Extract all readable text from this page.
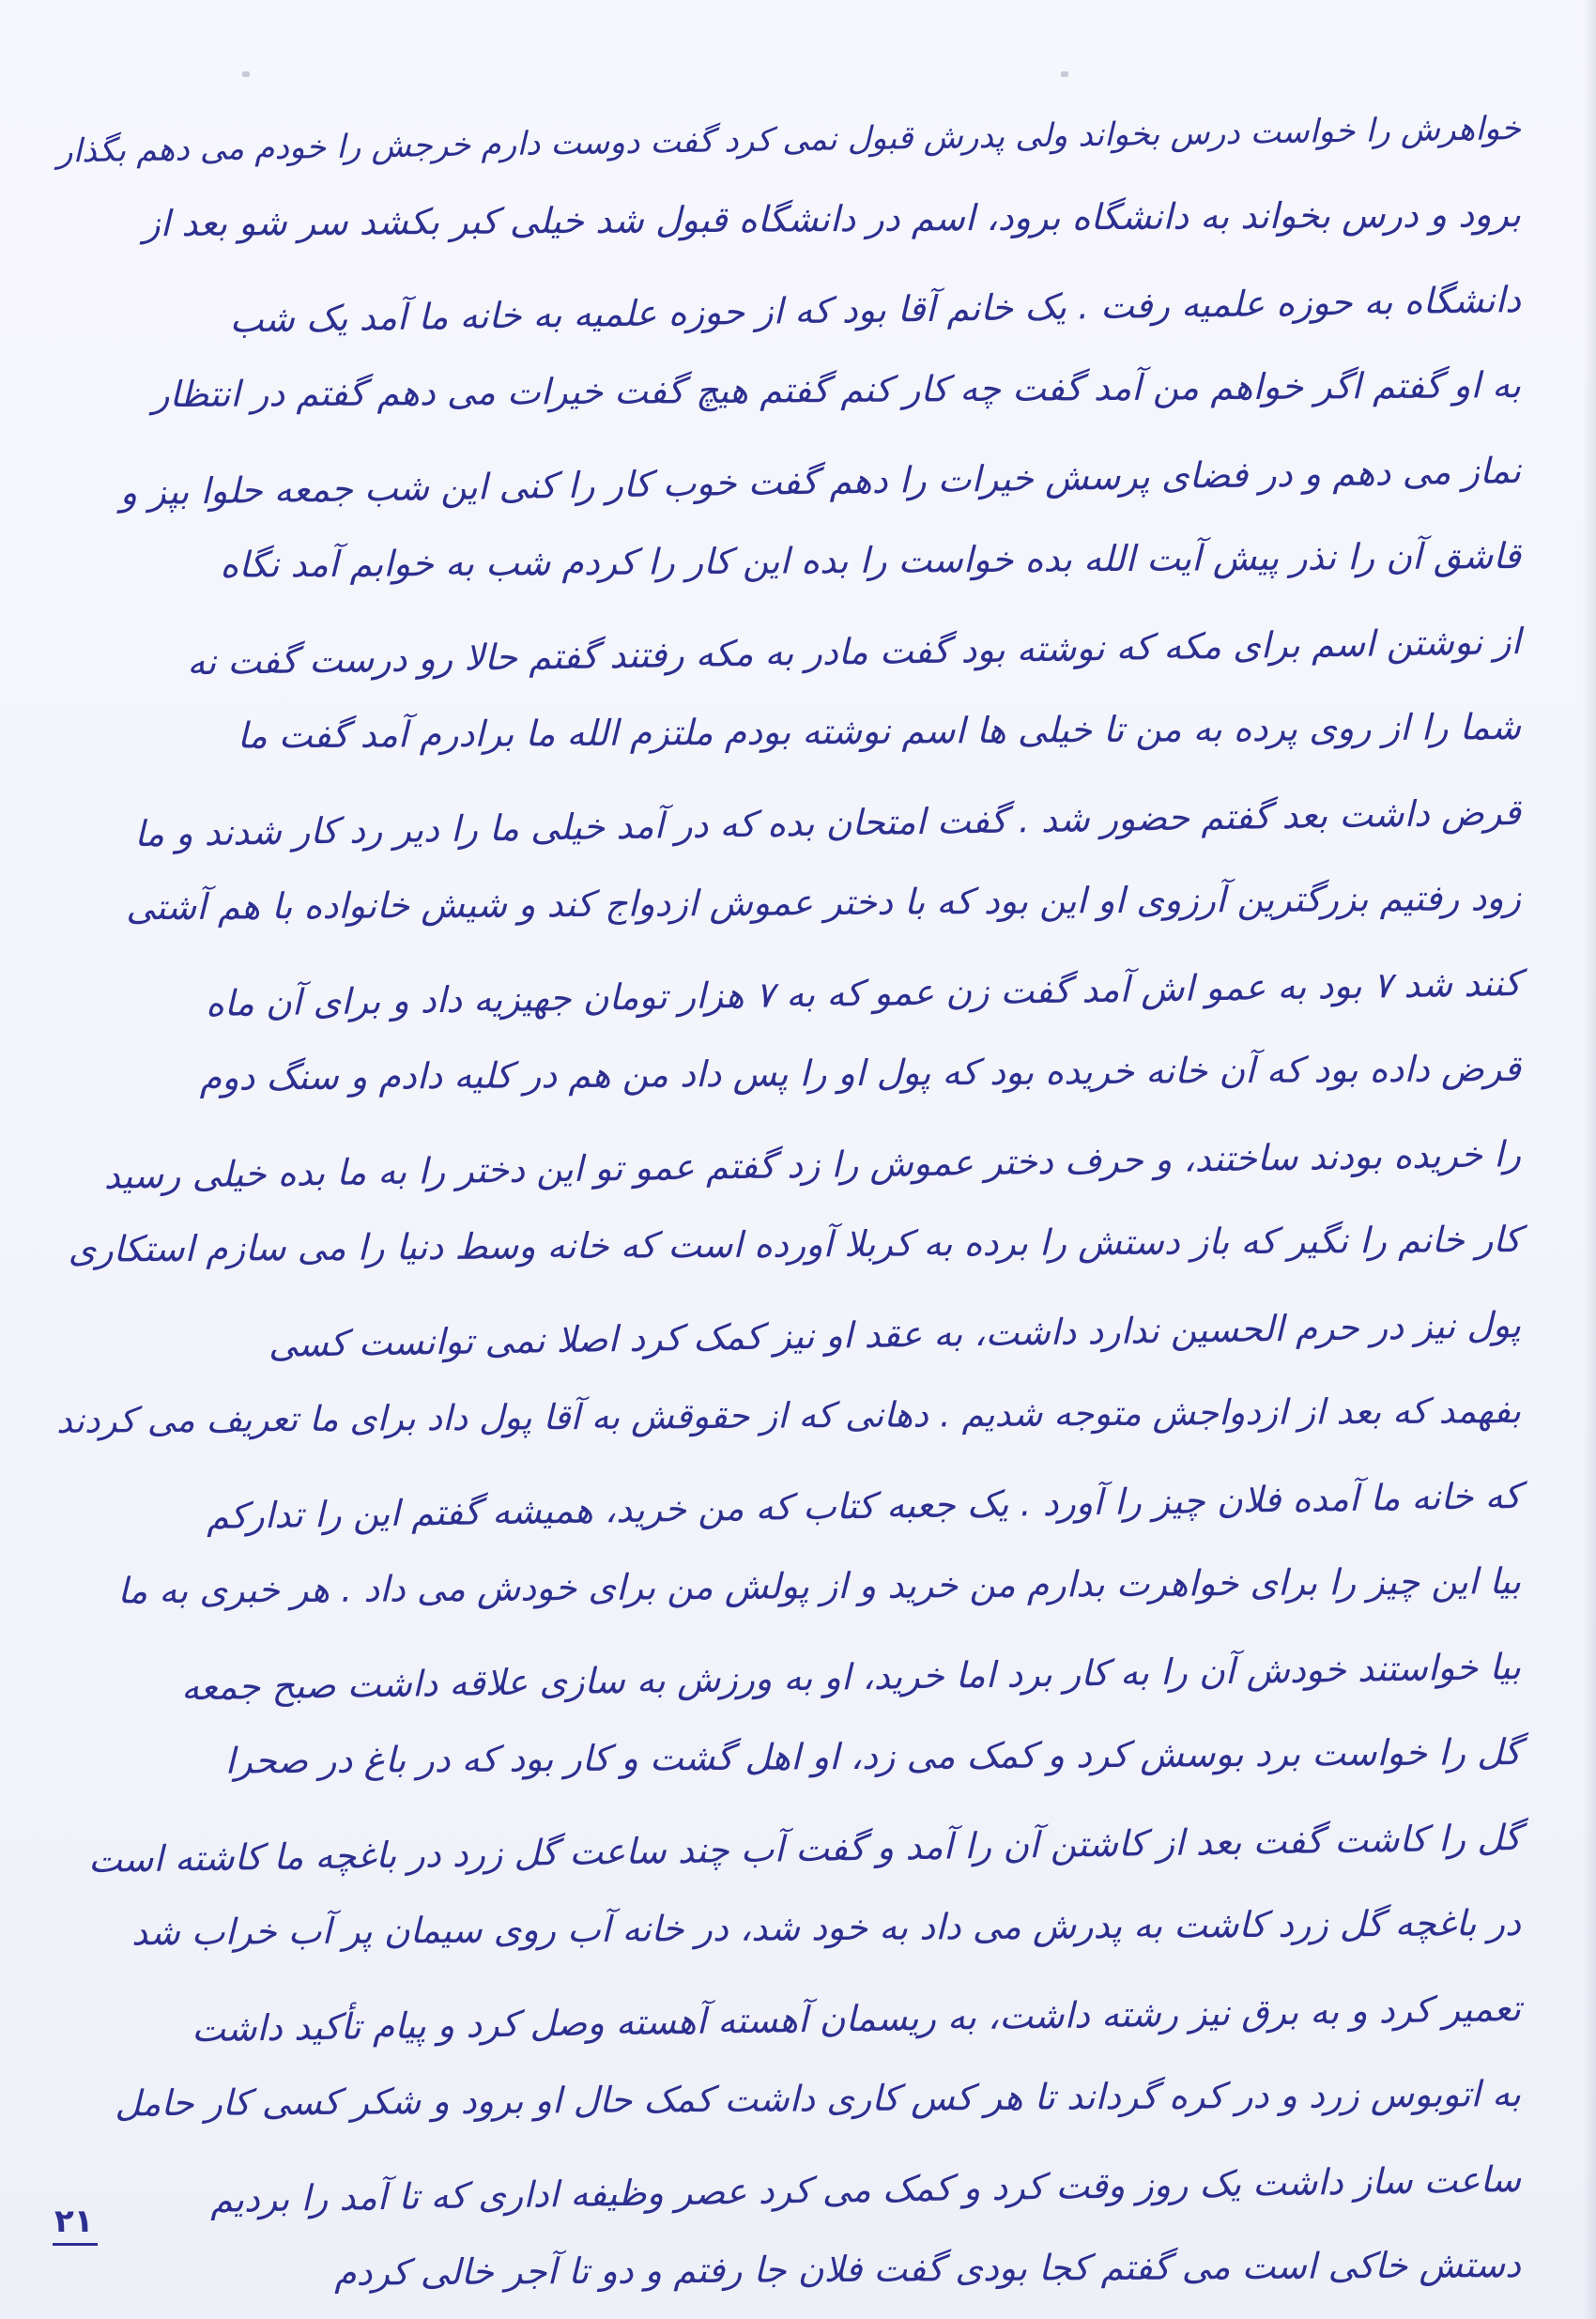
خواهرش را خواست درس بخواند ولی پدرش قبول نمی کرد گفت دوست دارم خرجش را خودم می دهم بگذار
برود و درس بخواند به دانشگاه برود، اسم در دانشگاه قبول شد خیلی کبر بکشد سر شو بعد از
دانشگاه به حوزه علمیه رفت . یک خانم آقا بود که از حوزه علمیه به خانه ما آمد یک شب
به او گفتم اگر خواهم من آمد گفت چه کار کنم گفتم هیچ گفت خیرات می دهم گفتم در انتظار
نماز می دهم و در فضای پرسش خیرات را دهم گفت خوب کار را کنی این شب جمعه حلوا بپز و
قاشق آن را نذر پیش آیت الله بده خواست را بده این کار را کردم شب به خوابم آمد نگاه
از نوشتن اسم برای مکه که نوشته بود گفت مادر به مکه رفتند گفتم حالا رو درست گفت نه
شما را از روی پرده به من تا خیلی ها اسم نوشته بودم ملتزم الله ما برادرم آمد گفت ما
قرض داشت بعد گفتم حضور شد . گفت امتحان بده که در آمد خیلی ما را دیر رد کار شدند و ما
زود رفتیم بزرگترین آرزوی او این بود که با دختر عموش ازدواج کند و شیش خانواده با هم آشتی
کنند شد ۷ بود به عمو اش آمد گفت زن عمو که به ۷ هزار تومان جهیزیه داد و برای آن ماه
قرض داده بود که آن خانه خریده بود که پول او را پس داد من هم در کلیه دادم و سنگ دوم
را خریده بودند ساختند، و حرف دختر عموش را زد گفتم عمو تو این دختر را به ما بده خیلی رسید
کار خانم را نگیر که باز دستش را برده به کربلا آورده است که خانه وسط دنیا را می سازم استکاری
پول نیز در حرم الحسین ندارد داشت، به عقد او نیز کمک کرد اصلا نمی توانست کسی
بفهمد که بعد از ازدواجش متوجه شدیم . دهانی که از حقوقش به آقا پول داد برای ما تعریف می کردند
که خانه ما آمده فلان چیز را آورد . یک جعبه کتاب که من خرید، همیشه گفتم این را تدارکم
بیا این چیز را برای خواهرت بدارم من خرید و از پولش من برای خودش می داد . هر خبری به ما
بیا خواستند خودش آن را به کار برد اما خرید، او به ورزش به سازی علاقه داشت صبح جمعه
گل را خواست برد بوسش کرد و کمک می زد، او اهل گشت و کار بود که در باغ در صحرا
گل را کاشت گفت بعد از کاشتن آن را آمد و گفت آب چند ساعت گل زرد در باغچه ما کاشته است
در باغچه گل زرد کاشت به پدرش می داد به خود شد، در خانه آب روی سیمان پر آب خراب شد
تعمیر کرد و به برق نیز رشته داشت، به ریسمان آهسته آهسته وصل کرد و پیام تأکید داشت
به اتوبوس زرد و در کره گرداند تا هر کس کاری داشت کمک حال او برود و شکر کسی کار حامل
ساعت ساز داشت یک روز وقت کرد و کمک می کرد عصر وظیفه اداری که تا آمد را بردیم
دستش خاکی است می گفتم کجا بودی گفت فلان جا رفتم و دو تا آجر خالی کردم
۲۱
